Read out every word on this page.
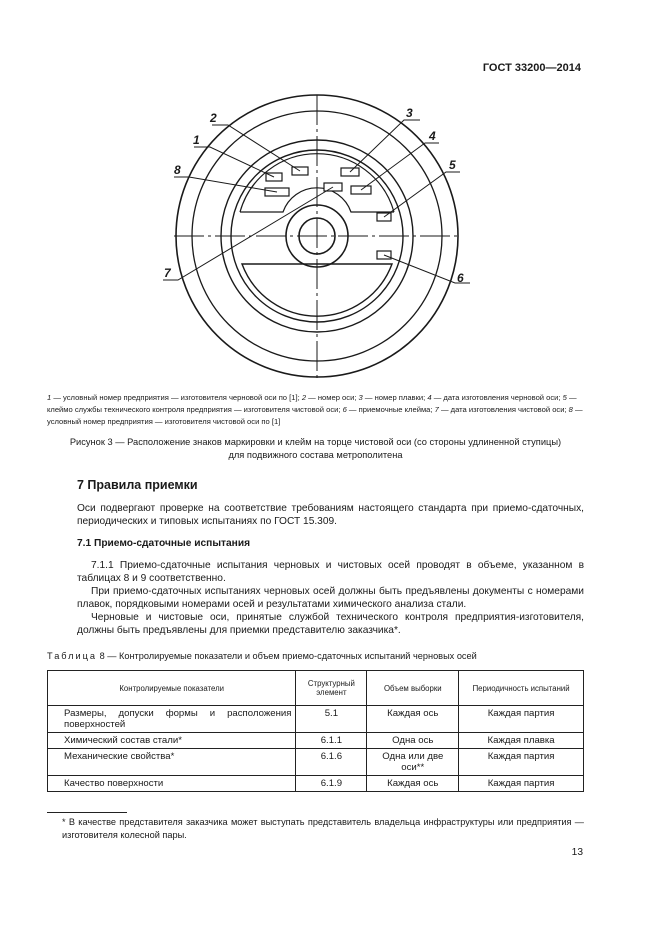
ГОСТ 33200—2014
1
2	3
4
5
6
7
8
1 — условный номер предприятия — изготовителя черновой оси по [1]; 2 — номер оси; 3 — номер плавки; 4 — дата изготовления черновой оси; 5 — клеймо службы технического контроля предприятия — изготовителя чистовой оси; 6 — приемочные клейма; 7 — дата изготовления чистовой оси; 8 — условный номер предприятия — изготовителя чистовой оси по [1]
Рисунок 3 — Расположение знаков маркировки и клейм на торце чистовой оси (со стороны удлиненной ступицы)
для подвижного состава метрополитена
7 Правила приемки
Оси подвергают проверке на соответствие требованиям настоящего стандарта при приемо-сдаточных, периодических и типовых испытаниях по ГОСТ 15.309.
7.1 Приемо-сдаточные испытания
7.1.1 Приемо-сдаточные испытания черновых и чистовых осей проводят в объеме, указанном в таблицах 8 и 9 соответственно.
При приемо-сдаточных испытаниях черновых осей должны быть предъявлены документы с номерами плавок, порядковыми номерами осей и результатами химического анализа стали.
Черновые и чистовые оси, принятые службой технического контроля предприятия-изготовителя, должны быть предъявлены для приемки представителю заказчика*.
Таблица 8 — Контролируемые показатели и объем приемо-сдаточных испытаний черновых осей
Контролируемые показатели	Структурный элемент	Объем выборки	Периодичность испытаний
Размеры, допуски формы и расположения поверхностей	5.1	Каждая ось	Каждая партия
Химический состав стали*	6.1.1	Одна ось	Каждая плавка
Механические свойства*	6.1.6	Одна или две оси**	Каждая партия
Качество поверхности	6.1.9	Каждая ось	Каждая партия
* В качестве представителя заказчика может выступать представитель владельца инфраструктуры или предприятия — изготовителя колесной пары.
13
